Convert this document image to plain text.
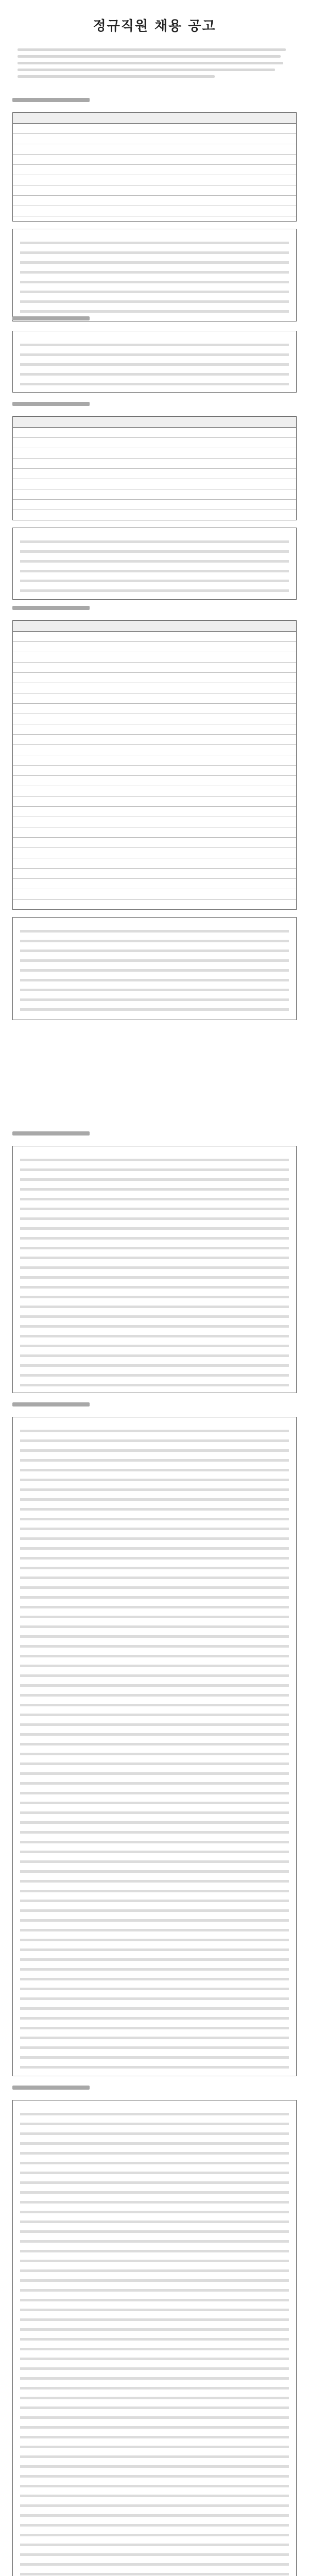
정규직원 채용 공고
